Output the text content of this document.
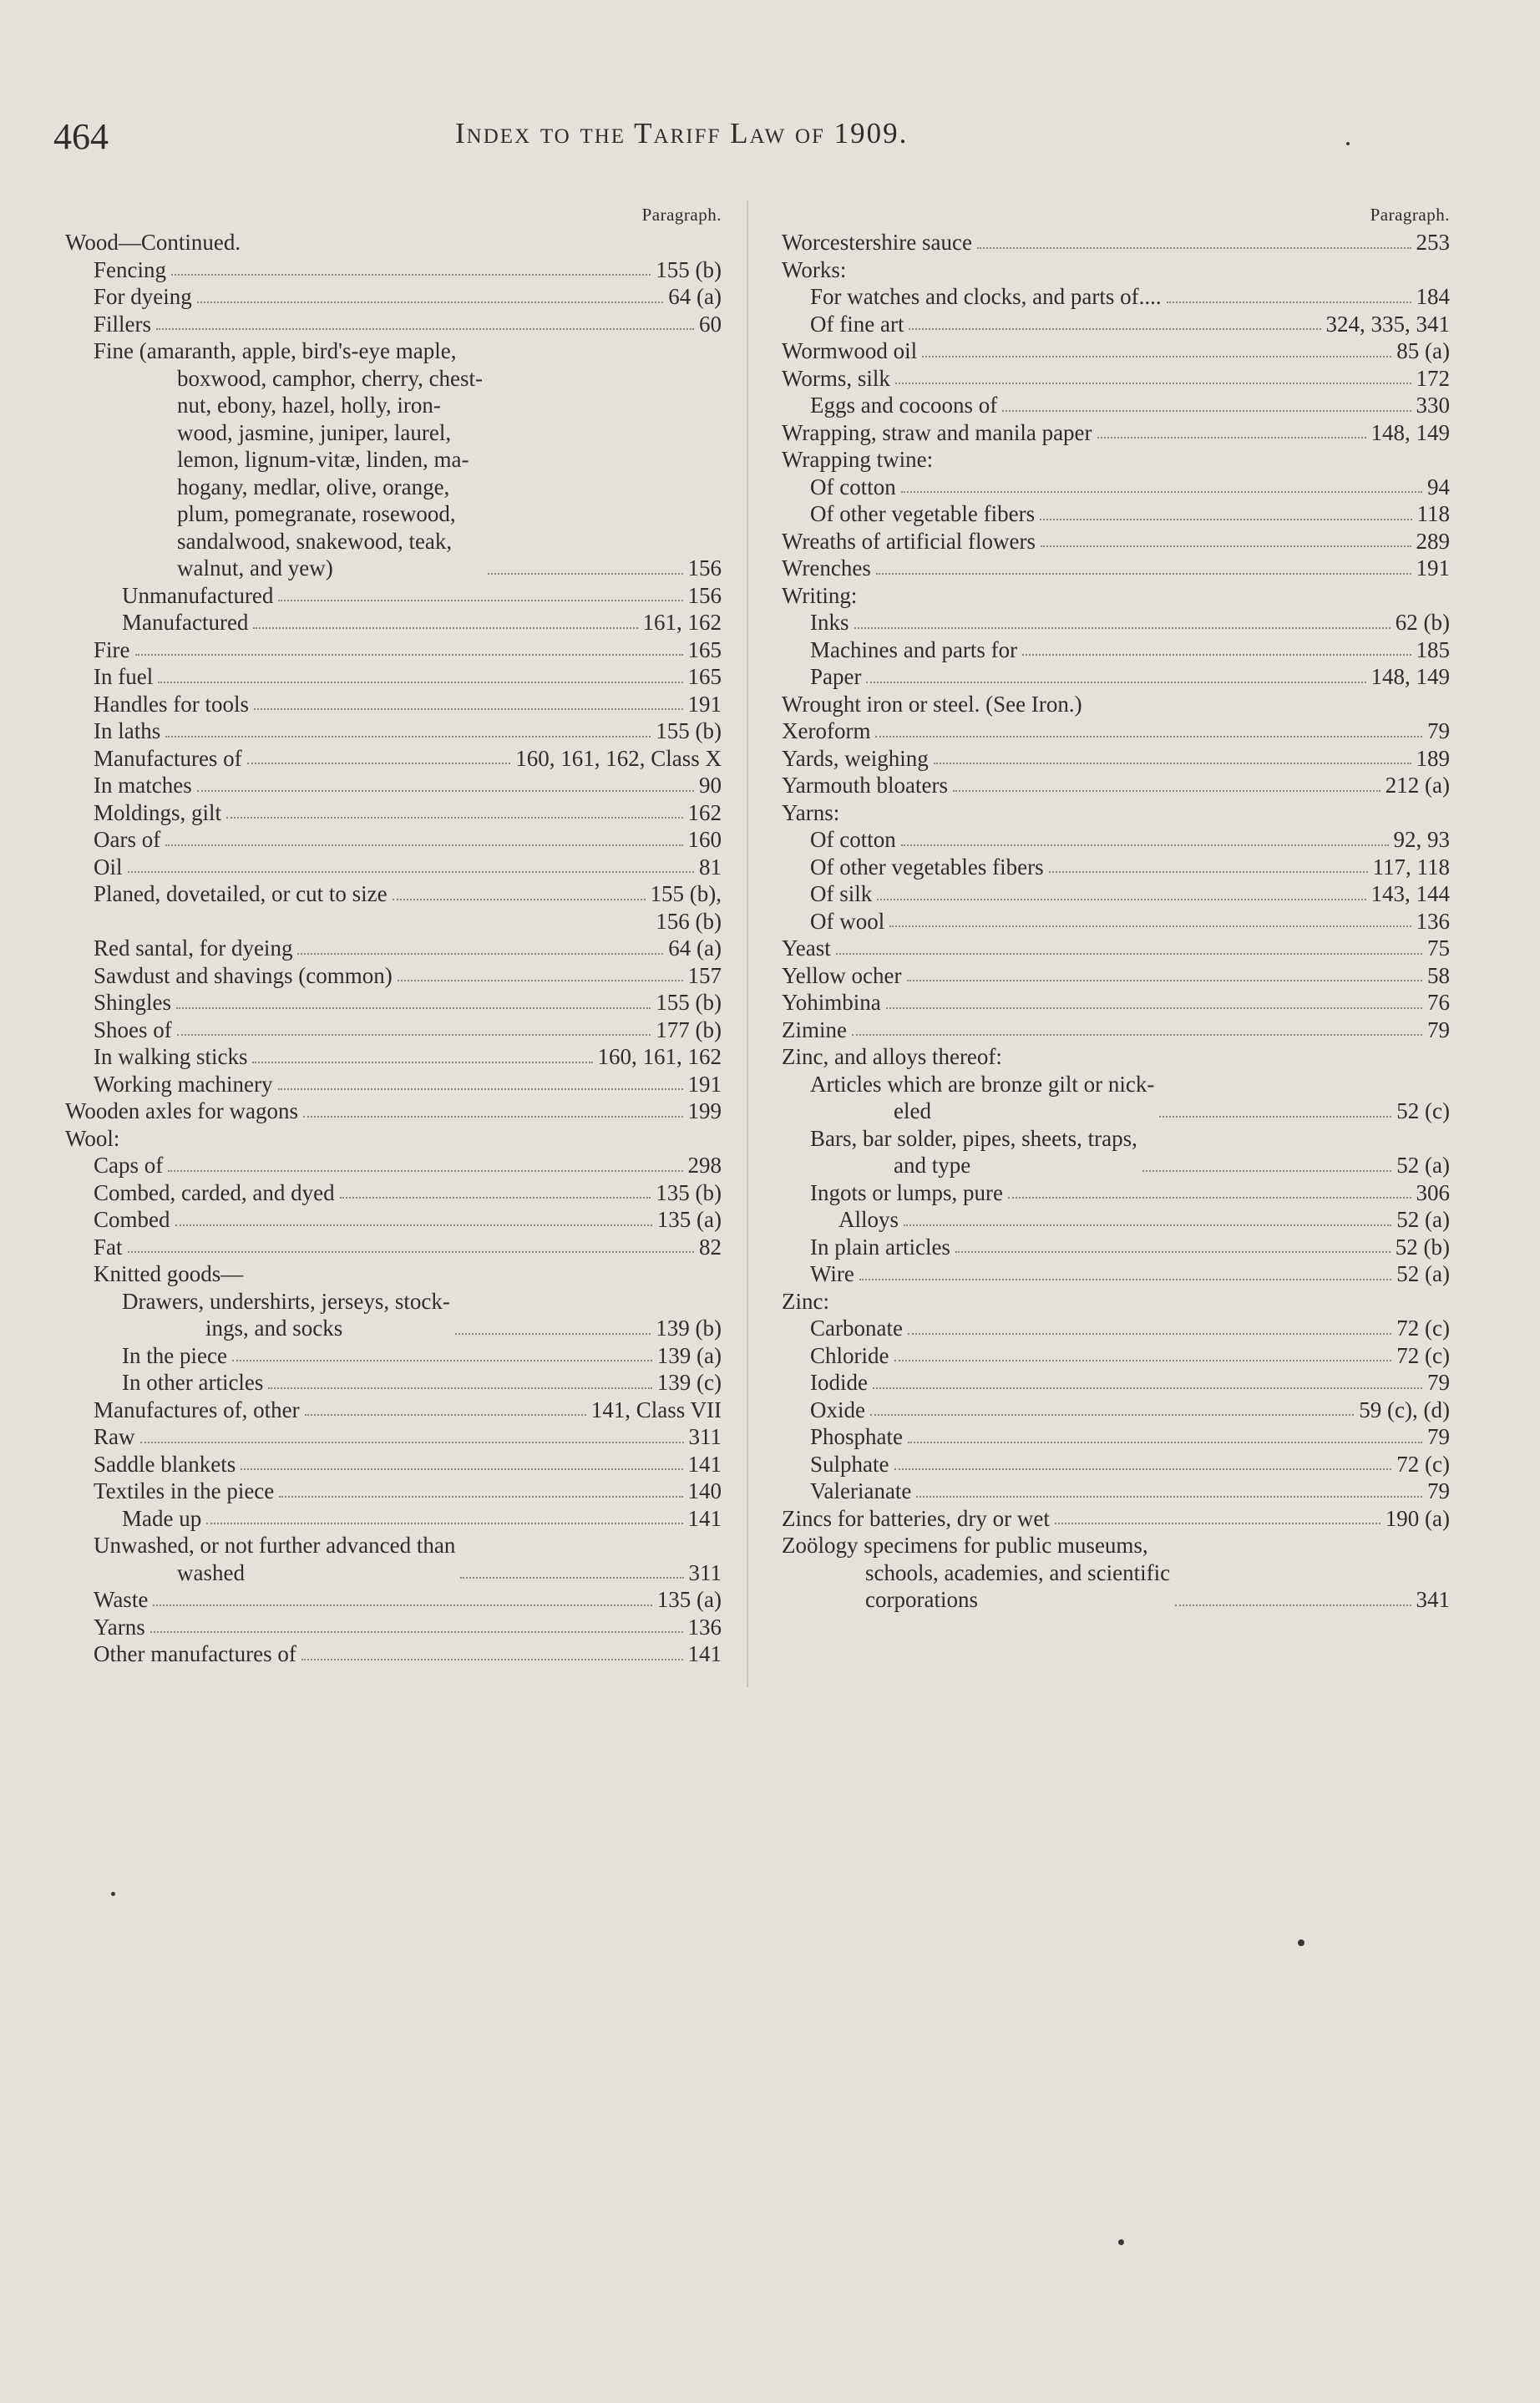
464	Index to the Tariff Law of 1909.
Paragraph.
Wood—Continued.
Fencing	155 (b)
For dyeing	64 (a)
Fillers	60
Fine (amaranth, apple, bird's-eye maple,
boxwood, camphor, cherry, chest-
nut, ebony, hazel, holly, iron-
wood, jasmine, juniper, laurel,
lemon, lignum-vitæ, linden, ma-
hogany, medlar, olive, orange,
plum, pomegranate, rosewood,
sandalwood, snakewood, teak,
walnut, and yew)	156
Unmanufactured	156
Manufactured	161, 162
Fire	165
In fuel	165
Handles for tools	191
In laths	155 (b)
Manufactures of	160, 161, 162, Class X
In matches	90
Moldings, gilt	162
Oars of	160
Oil	81
Planed, dovetailed, or cut to size	155 (b),
156 (b)
Red santal, for dyeing	64 (a)
Sawdust and shavings (common)	157
Shingles	155 (b)
Shoes of	177 (b)
In walking sticks	160, 161, 162
Working machinery	191
Wooden axles for wagons	199
Wool:
Caps of	298
Combed, carded, and dyed	135 (b)
Combed	135 (a)
Fat	82
Knitted goods—
Drawers, undershirts, jerseys, stock-
ings, and socks	139 (b)
In the piece	139 (a)
In other articles	139 (c)
Manufactures of, other	141, Class VII
Raw	311
Saddle blankets	141
Textiles in the piece	140
Made up	141
Unwashed, or not further advanced than
washed	311
Waste	135 (a)
Yarns	136
Other manufactures of	141
Paragraph.
Worcestershire sauce	253
Works:
For watches and clocks, and parts of....	184
Of fine art	324, 335, 341
Wormwood oil	85 (a)
Worms, silk	172
Eggs and cocoons of	330
Wrapping, straw and manila paper	148, 149
Wrapping twine:
Of cotton	94
Of other vegetable fibers	118
Wreaths of artificial flowers	289
Wrenches	191
Writing:
Inks	62 (b)
Machines and parts for	185
Paper	148, 149
Wrought iron or steel. (See Iron.)
Xeroform	79
Yards, weighing	189
Yarmouth bloaters	212 (a)
Yarns:
Of cotton	92, 93
Of other vegetables fibers	117, 118
Of silk	143, 144
Of wool	136
Yeast	75
Yellow ocher	58
Yohimbina	76
Zimine	79
Zinc, and alloys thereof:
Articles which are bronze gilt or nick-
eled	52 (c)
Bars, bar solder, pipes, sheets, traps,
and type	52 (a)
Ingots or lumps, pure	306
Alloys	52 (a)
In plain articles	52 (b)
Wire	52 (a)
Zinc:
Carbonate	72 (c)
Chloride	72 (c)
Iodide	79
Oxide	59 (c), (d)
Phosphate	79
Sulphate	72 (c)
Valerianate	79
Zincs for batteries, dry or wet	190 (a)
Zoölogy specimens for public museums,
schools, academies, and scientific
corporations	341
